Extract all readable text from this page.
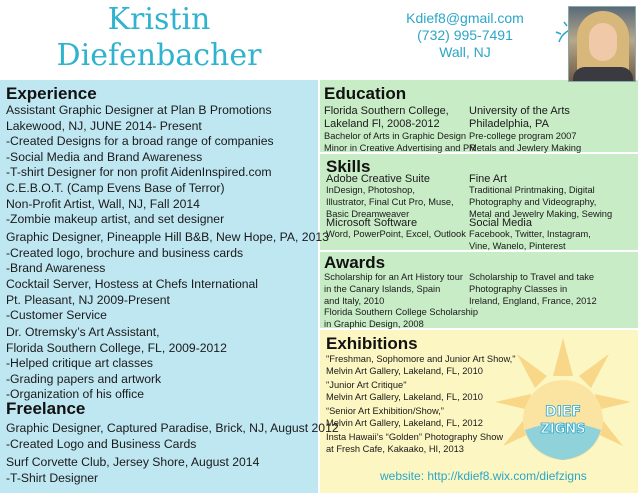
Kristin
Diefenbacher
Kdief8@gmail.com
(732) 995-7491
Wall, NJ
Experience
Assistant Graphic Designer at Plan B Promotions
Lakewood, NJ, JUNE 2014- Present
-Created Designs for a broad range of companies
-Social Media and Brand Awareness
-T-shirt Designer for non profit AidenInspired.com
C.E.B.O.T. (Camp Evens Base of Terror)
Non-Profit Artist, Wall, NJ, Fall 2014
-Zombie makeup artist, and set designer
Graphic Designer, Pineapple Hill B&B, New Hope, PA, 2013
-Created logo, brochure and business cards
-Brand Awareness
Cocktail Server, Hostess at Chefs International
Pt. Pleasant, NJ 2009-Present
-Customer Service
Dr. Otremsky’s Art Assistant,
Florida Southern College, FL, 2009-2012
-Helped critique art classes
-Grading papers and artwork
-Organization of his office
Freelance
Graphic Designer, Captured Paradise, Brick, NJ, August 2012
-Created Logo and Business Cards
Surf Corvette Club, Jersey Shore, August 2014
-T-Shirt Designer
Education
Florida Southern College,
Lakeland Fl, 2008-2012
Bachelor of Arts in Graphic Design
Minor in Creative Advertising and PR
University of the Arts
Philadelphia, PA
Pre-college program 2007
Metals and Jewlery Making
Skills
Adobe Creative Suite
InDesign, Photoshop,
Illustrator, Final Cut Pro, Muse,
Basic Dreamweaver
Fine Art
Traditional Printmaking, Digital
Photography and Videography,
Metal and Jewelry Making, Sewing
Microsoft Software
Word, PowerPoint, Excel, Outlook
Social Media
Facebook, Twitter, Instagram,
Vine, Wanelo, Pinterest
Awards
Scholarship for an Art History tour
in the Canary Islands, Spain
and Italy, 2010
Scholarship to Travel and take
Photography Classes in
Ireland, England, France, 2012
Florida Southern College Scholarship
in Graphic Design, 2008
Exhibitions
"Freshman, Sophomore and Junior Art Show,"
Melvin Art Gallery, Lakeland, FL, 2010
"Junior Art Critique"
Melvin Art Gallery, Lakeland, FL, 2010
“Senior Art Exhibition/Show,”
Melvin Art Gallery, Lakeland, FL, 2012
Insta Hawaii’s “Golden” Photography Show
at Fresh Cafe, Kakaako, HI, 2013
DIEF
ZIGNS
website: http://kdief8.wix.com/diefzigns
